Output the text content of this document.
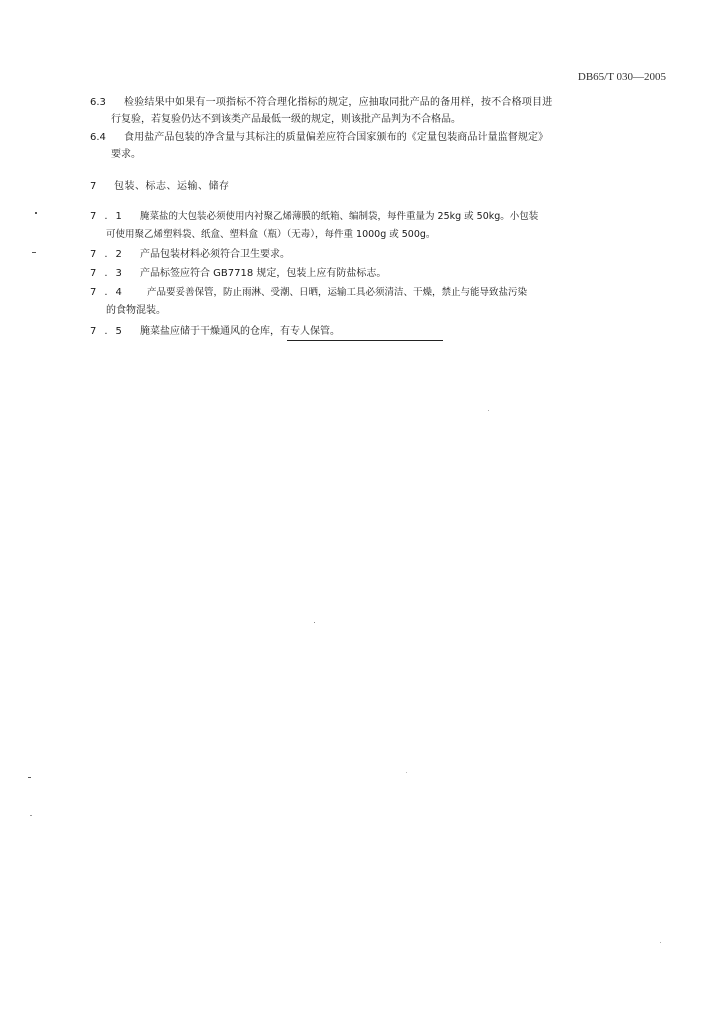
DB65/T 030—2005
6.3 检验结果中如果有一项指标不符合理化指标的规定，应抽取同批产品的备用样，按不合格项目进
行复验，若复验仍达不到该类产品最低一级的规定，则该批产品判为不合格品。
6.4 食用盐产品包装的净含量与其标注的质量偏差应符合国家颁布的《定量包装商品计量监督规定》
要求。
7 包装、标志、运输、储存
7.1 腌菜盐的大包装必须使用内衬聚乙烯薄膜的纸箱、编制袋，每件重量为 25kg 或 50kg。小包装
可使用聚乙烯塑料袋、纸盒、塑料盒（瓶）（无毒），每件重 1000g 或 500g。
7.2 产品包装材料必须符合卫生要求。
7.3 产品标签应符合 GB7718 规定，包装上应有防盐标志。
7.4 产品要妥善保管，防止雨淋、受潮、日晒，运输工具必须清洁、干燥，禁止与能导致盐污染
的食物混装。
7.5 腌菜盐应储于干燥通风的仓库，有专人保管。
